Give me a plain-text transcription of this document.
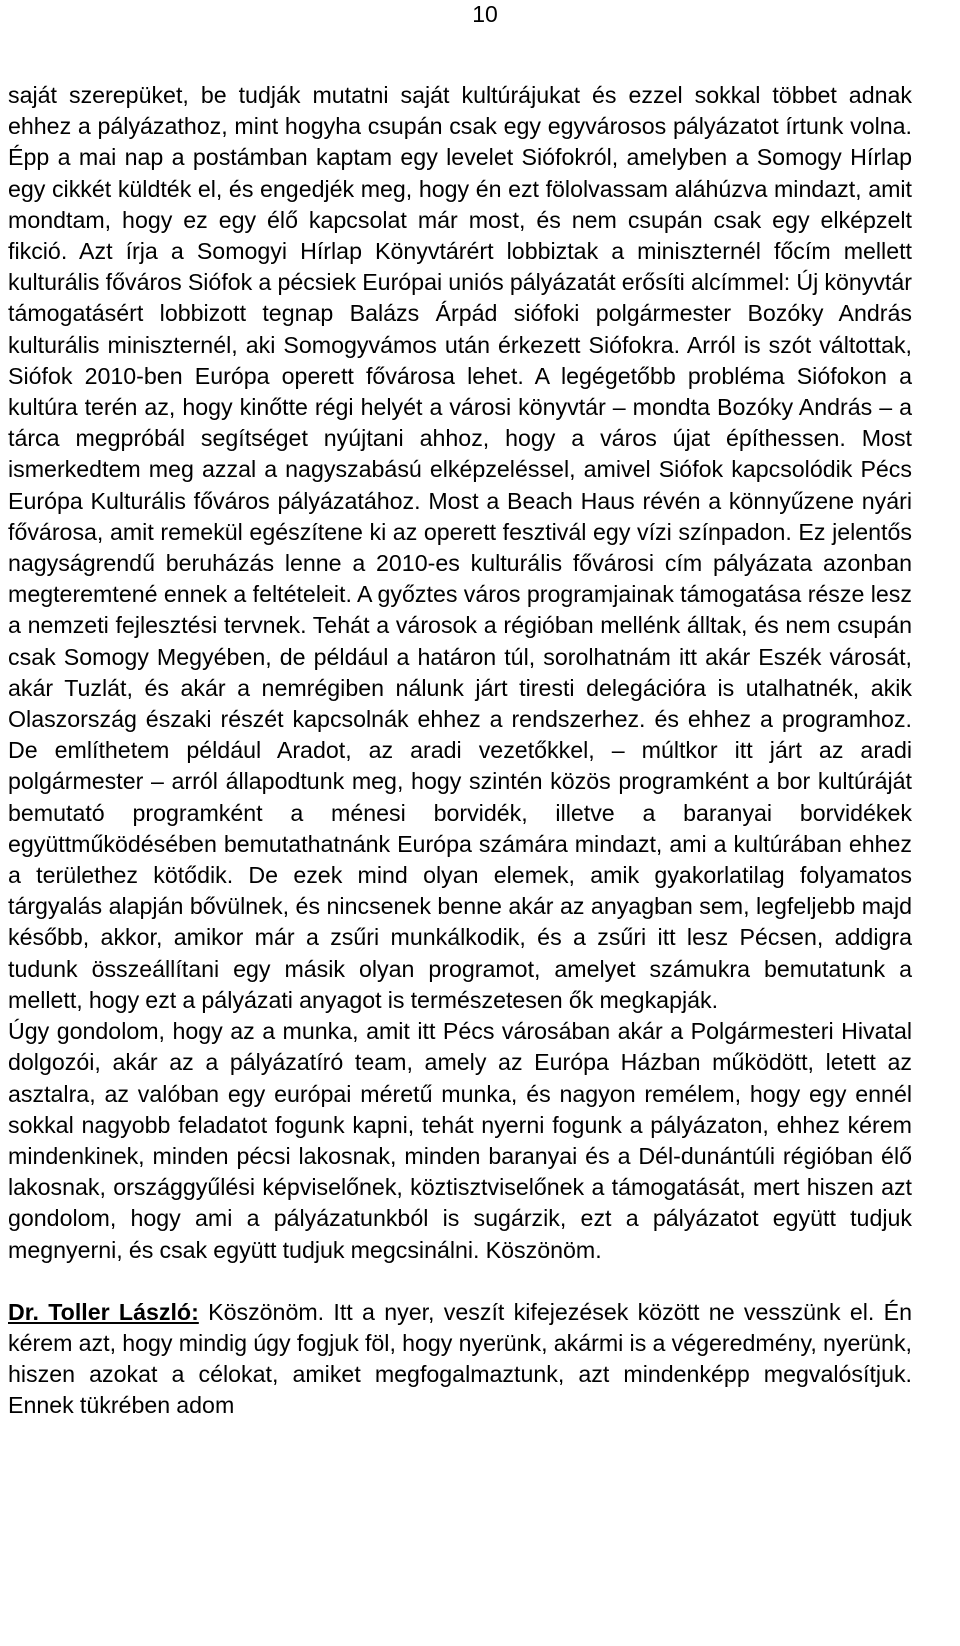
10

saját szerepüket, be tudják mutatni saját kultúrájukat és ezzel sokkal többet adnak ehhez a pályázathoz, mint hogyha csupán csak egy egyvárosos pályázatot írtunk volna. Épp a mai nap a postámban kaptam egy levelet Siófokról, amelyben a Somogy Hírlap egy cikkét küldték el, és engedjék meg, hogy én ezt fölolvassam aláhúzva mindazt, amit mondtam, hogy ez egy élő kapcsolat már most, és nem csupán csak egy elképzelt fikció. Azt írja a Somogyi Hírlap Könyvtárért lobbiztak a miniszternél főcím mellett kulturális főváros Siófok a pécsiek Európai uniós pályázatát erősíti alcímmel: Új könyvtár támogatásért lobbizott tegnap Balázs Árpád siófoki polgármester Bozóky András kulturális miniszternél, aki Somogyvámos után érkezett Siófokra. Arról is szót váltottak, Siófok 2010-ben Európa operett fővárosa lehet. A legégetőbb probléma Siófokon a kultúra terén az, hogy kinőtte régi helyét a városi könyvtár – mondta Bozóky András – a tárca megpróbál segítséget nyújtani ahhoz, hogy a város újat építhessen. Most ismerkedtem meg azzal a nagyszabású elképzeléssel, amivel Siófok kapcsolódik Pécs Európa Kulturális főváros pályázatához. Most a Beach Haus révén a könnyűzene nyári fővárosa, amit remekül egészítene ki az operett fesztivál egy vízi színpadon. Ez jelentős nagyságrendű beruházás lenne a 2010-es kulturális fővárosi cím pályázata azonban megteremtené ennek a feltételeit. A győztes város programjainak támogatása része lesz a nemzeti fejlesztési tervnek. Tehát a városok a régióban mellénk álltak, és nem csupán csak Somogy Megyében, de például a határon túl, sorolhatnám itt akár Eszék városát, akár Tuzlát, és akár a nemrégiben nálunk járt tiresti delegációra is utalhatnék, akik Olaszország északi részét kapcsolnák ehhez a rendszerhez. és ehhez a programhoz. De említhetem például Aradot, az aradi vezetőkkel, – múltkor itt járt az aradi polgármester – arról állapodtunk meg, hogy szintén közös programként a bor kultúráját bemutató programként a ménesi borvidék, illetve a baranyai borvidékek együttműködésében bemutathatnánk Európa számára mindazt, ami a kultúrában ehhez a területhez kötődik. De ezek mind olyan elemek, amik gyakorlatilag folyamatos tárgyalás alapján bővülnek, és nincsenek benne akár az anyagban sem, legfeljebb majd később, akkor, amikor már a zsűri munkálkodik, és a zsűri itt lesz Pécsen, addigra tudunk összeállítani egy másik olyan programot, amelyet számukra bemutatunk a mellett, hogy ezt a pályázati anyagot is természetesen ők megkapják.

Úgy gondolom, hogy az a munka, amit itt Pécs városában akár a Polgármesteri Hivatal dolgozói, akár az a pályázatíró team, amely az Európa Házban működött, letett az asztalra, az valóban egy európai méretű munka, és nagyon remélem, hogy egy ennél sokkal nagyobb feladatot fogunk kapni, tehát nyerni fogunk a pályázaton, ehhez kérem mindenkinek, minden pécsi lakosnak, minden baranyai és a Dél-dunántúli régióban élő lakosnak, országgyűlési képviselőnek, köztisztviselőnek a támogatását, mert hiszen azt gondolom, hogy ami a pályázatunkból is sugárzik, ezt a pályázatot együtt tudjuk megnyerni, és csak együtt tudjuk megcsinálni. Köszönöm.

Dr. Toller László: Köszönöm. Itt a nyer, veszít kifejezések között ne vesszünk el. Én kérem azt, hogy mindig úgy fogjuk föl, hogy nyerünk, akármi is a végeredmény, nyerünk, hiszen azokat a célokat, amiket megfogalmaztunk, azt mindenképp megvalósítjuk. Ennek tükrében adom
